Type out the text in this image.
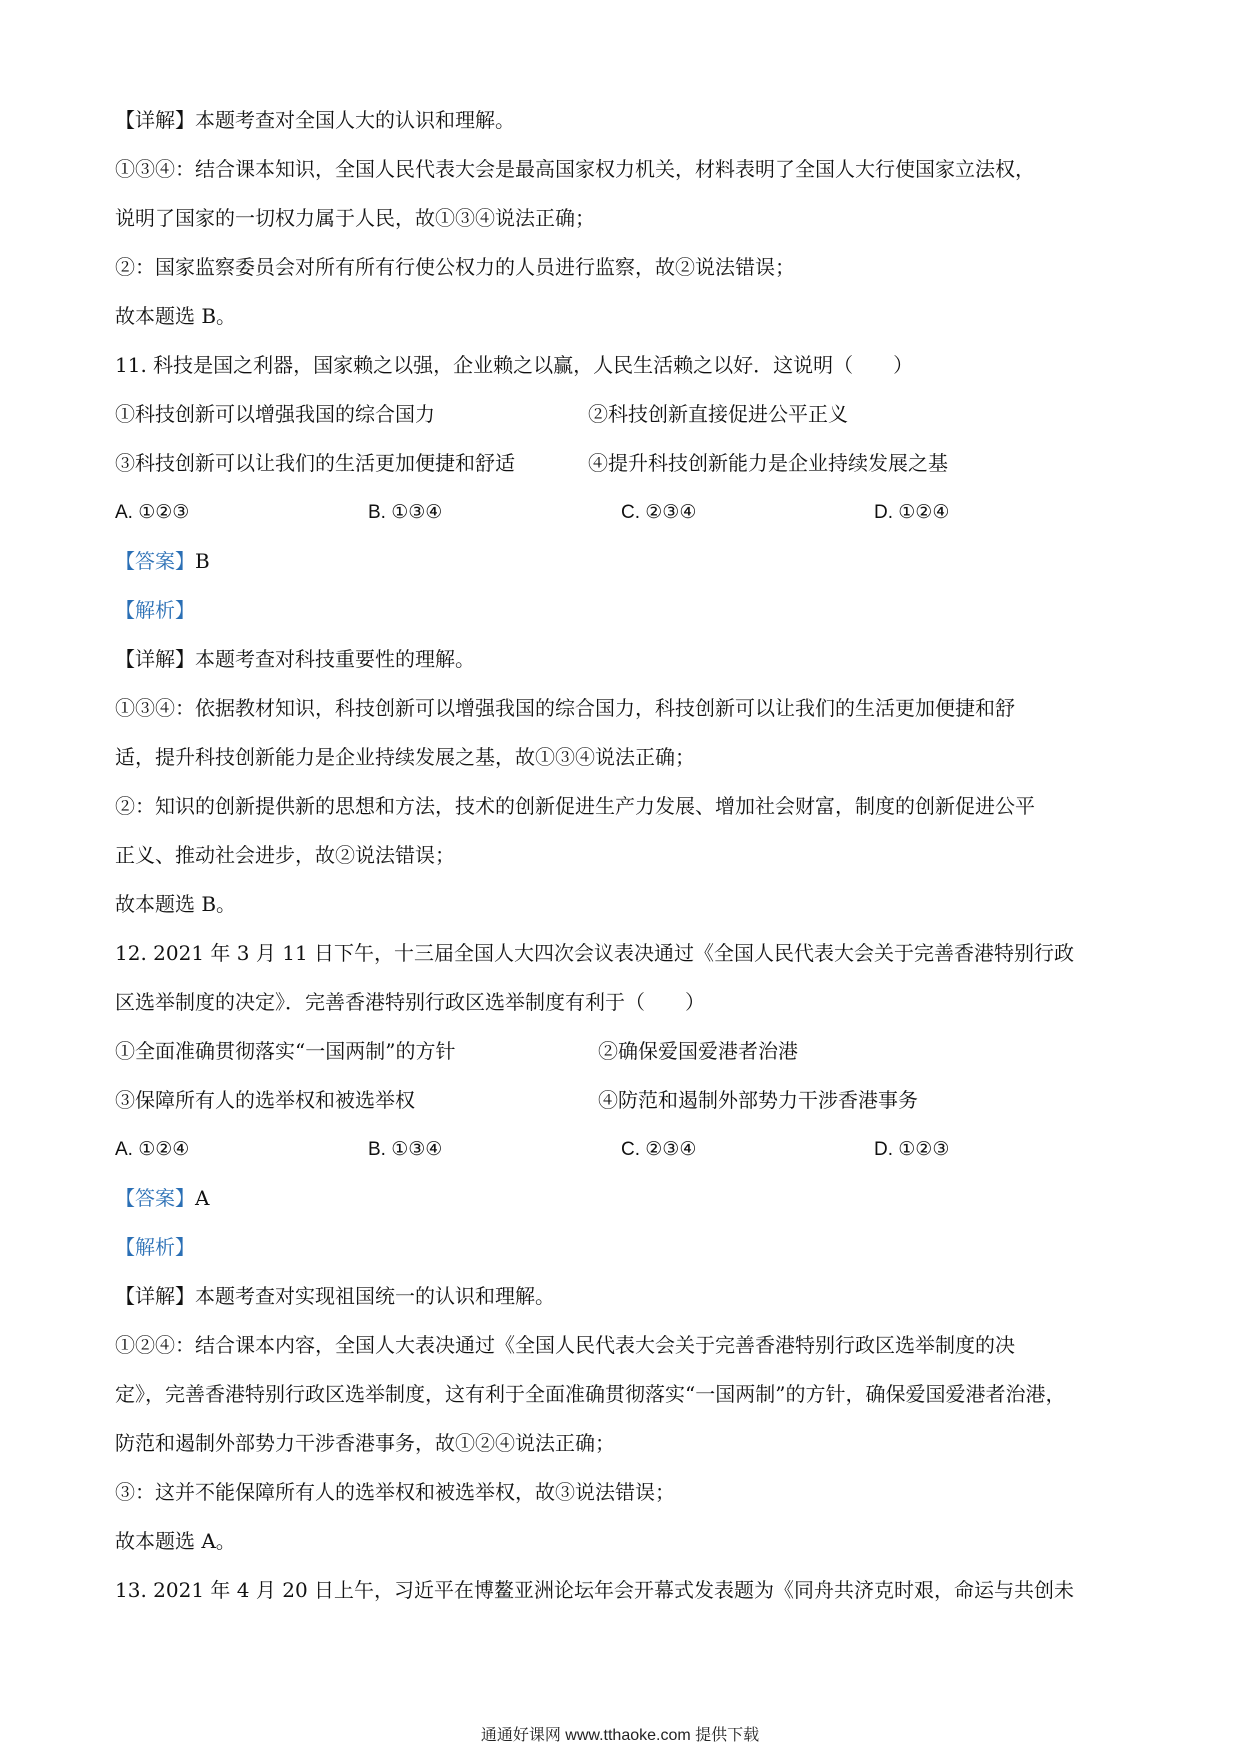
【详解】本题考查对全国人大的认识和理解。
①③④：结合课本知识，全国人民代表大会是最高国家权力机关，材料表明了全国人大行使国家立法权，
说明了国家的一切权力属于人民，故①③④说法正确；
②：国家监察委员会对所有所有行使公权力的人员进行监察，故②说法错误；
故本题选 B。
11. 科技是国之利器，国家赖之以强，企业赖之以赢，人民生活赖之以好．这说明（　　）
①科技创新可以增强我国的综合国力	②科技创新直接促进公平正义
③科技创新可以让我们的生活更加便捷和舒适	④提升科技创新能力是企业持续发展之基
A. ①②③	B. ①③④	C. ②③④	D. ①②④
【答案】B
【解析】
【详解】本题考查对科技重要性的理解。
①③④：依据教材知识，科技创新可以增强我国的综合国力，科技创新可以让我们的生活更加便捷和舒
适，提升科技创新能力是企业持续发展之基，故①③④说法正确；
②：知识的创新提供新的思想和方法，技术的创新促进生产力发展、增加社会财富，制度的创新促进公平
正义、推动社会进步，故②说法错误；
故本题选 B。
12. 2021 年 3 月 11 日下午，十三届全国人大四次会议表决通过《全国人民代表大会关于完善香港特别行政
区选举制度的决定》．完善香港特别行政区选举制度有利于（　　）
①全面准确贯彻落实“一国两制”的方针	②确保爱国爱港者治港
③保障所有人的选举权和被选举权	④防范和遏制外部势力干涉香港事务
A. ①②④	B. ①③④	C. ②③④	D. ①②③
【答案】A
【解析】
【详解】本题考查对实现祖国统一的认识和理解。
①②④：结合课本内容，全国人大表决通过《全国人民代表大会关于完善香港特别行政区选举制度的决
定》，完善香港特别行政区选举制度，这有利于全面准确贯彻落实“一国两制”的方针，确保爱国爱港者治港，
防范和遏制外部势力干涉香港事务，故①②④说法正确；
③：这并不能保障所有人的选举权和被选举权，故③说法错误；
故本题选 A。
13. 2021 年 4 月 20 日上午，习近平在博鳌亚洲论坛年会开幕式发表题为《同舟共济克时艰，命运与共创未
通通好课网 www.tthaoke.com 提供下载
